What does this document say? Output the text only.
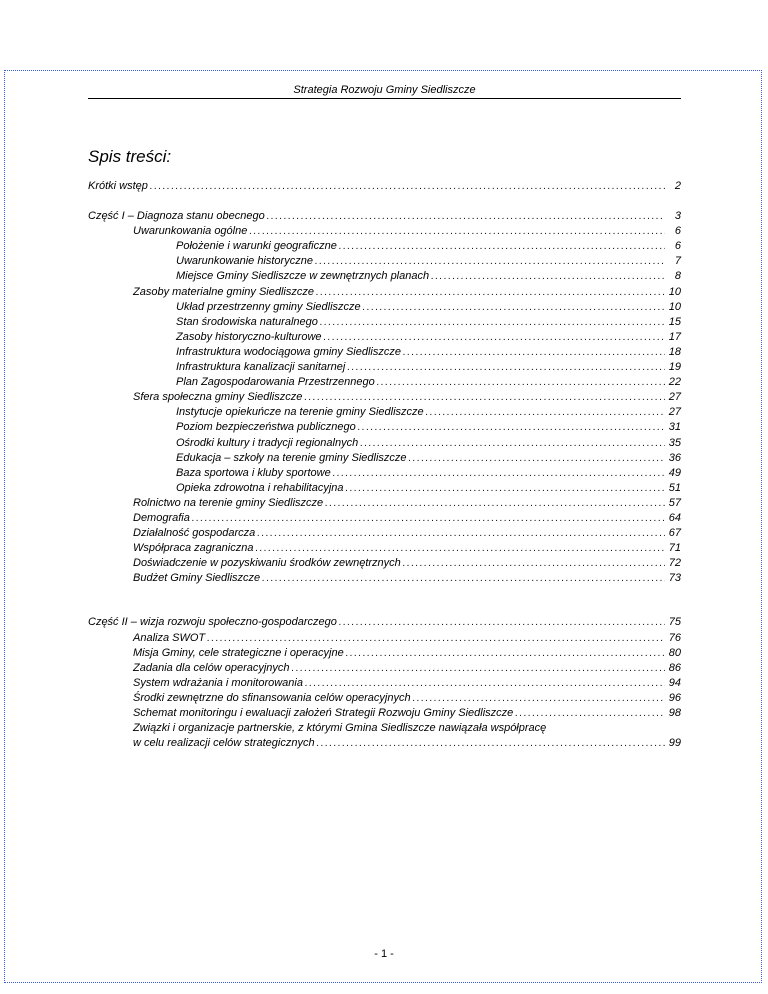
Strategia Rozwoju Gminy Siedliszcze
Spis treści:
Krótki wstęp .....	2
Część I – Diagnoza stanu obecnego .....	3
Uwarunkowania ogólne .....	6
Położenie i warunki geograficzne .....	6
Uwarunkowanie historyczne .....	7
Miejsce Gminy Siedliszcze w zewnętrznych planach .....	8
Zasoby materialne gminy Siedliszcze .....	10
Układ przestrzenny gminy Siedliszcze .....	10
Stan środowiska naturalnego .....	15
Zasoby historyczno-kulturowe .....	17
Infrastruktura wodociągowa gminy Siedliszcze .....	18
Infrastruktura kanalizacji sanitarnej .....	19
Plan Zagospodarowania Przestrzennego .....	22
Sfera społeczna gminy Siedliszcze .....	27
Instytucje opiekuńcze na terenie gminy Siedliszcze .....	27
Poziom bezpieczeństwa publicznego .....	31
Ośrodki kultury i tradycji regionalnych .....	35
Edukacja – szkoły na terenie gminy Siedliszcze .....	36
Baza sportowa i kluby sportowe .....	49
Opieka zdrowotna i rehabilitacyjna .....	51
Rolnictwo na terenie gminy Siedliszcze .....	57
Demografia .....	64
Działalność gospodarcza .....	67
Współpraca zagraniczna .....	71
Doświadczenie w pozyskiwaniu środków zewnętrznych .....	72
Budżet Gminy Siedliszcze .....	73
Część II – wizja rozwoju społeczno-gospodarczego .....	75
Analiza SWOT .....	76
Misja Gminy, cele strategiczne i operacyjne .....	80
Zadania dla celów operacyjnych .....	86
System wdrażania i monitorowania .....	94
Środki zewnętrzne do sfinansowania celów operacyjnych .....	96
Schemat monitoringu i ewaluacji założeń Strategii Rozwoju Gminy Siedliszcze .....	98
Związki i organizacje partnerskie, z którymi Gmina Siedliszcze nawiązała współpracę
w celu realizacji celów strategicznych .....	99
- 1 -
